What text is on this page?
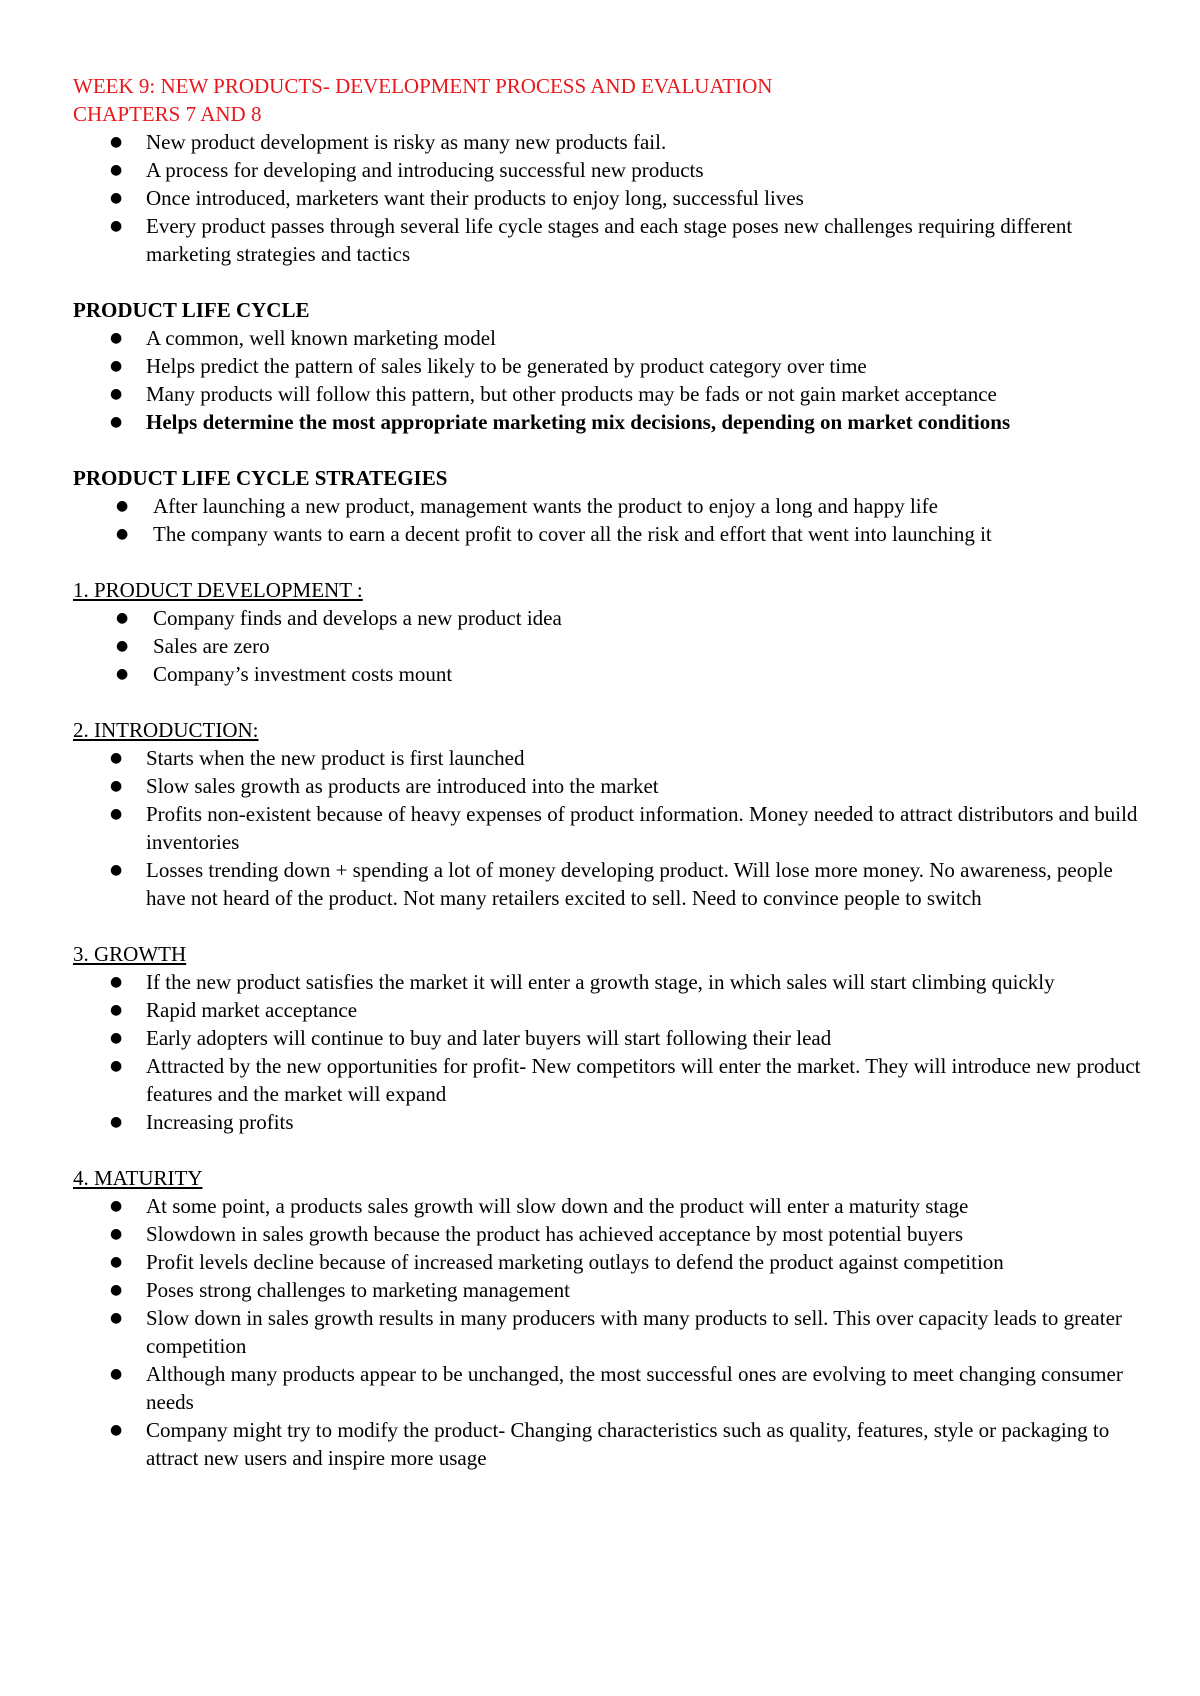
WEEK 9: NEW PRODUCTS- DEVELOPMENT PROCESS AND EVALUATION

CHAPTERS 7 AND 8

● New product development is risky as many new products fail.
● A process for developing and introducing successful new products
● Once introduced, marketers want their products to enjoy long, successful lives
● Every product passes through several life cycle stages and each stage poses new challenges requiring different marketing strategies and tactics

PRODUCT LIFE CYCLE

● A common, well known marketing model
● Helps predict the pattern of sales likely to be generated by product category over time
● Many products will follow this pattern, but other products may be fads or not gain market acceptance
● Helps determine the most appropriate marketing mix decisions, depending on market conditions

PRODUCT LIFE CYCLE STRATEGIES

● After launching a new product, management wants the product to enjoy a long and happy life
● The company wants to earn a decent profit to cover all the risk and effort that went into launching it

1. PRODUCT DEVELOPMENT :

● Company finds and develops a new product idea
● Sales are zero
● Company’s investment costs mount

2. INTRODUCTION:

● Starts when the new product is first launched
● Slow sales growth as products are introduced into the market
● Profits non-existent because of heavy expenses of product information. Money needed to attract distributors and build inventories
● Losses trending down + spending a lot of money developing product. Will lose more money. No awareness, people have not heard of the product. Not many retailers excited to sell. Need to convince people to switch

3. GROWTH

● If the new product satisfies the market it will enter a growth stage, in which sales will start climbing quickly
● Rapid market acceptance
● Early adopters will continue to buy and later buyers will start following their lead
● Attracted by the new opportunities for profit- New competitors will enter the market. They will introduce new product features and the market will expand
● Increasing profits

4. MATURITY

● At some point, a products sales growth will slow down and the product will enter a maturity stage
● Slowdown in sales growth because the product has achieved acceptance by most potential buyers
● Profit levels decline because of increased marketing outlays to defend the product against competition
● Poses strong challenges to marketing management
● Slow down in sales growth results in many producers with many products to sell. This over capacity leads to greater competition
● Although many products appear to be unchanged, the most successful ones are evolving to meet changing consumer needs
● Company might try to modify the product- Changing characteristics such as quality, features, style or packaging to attract new users and inspire more usage
